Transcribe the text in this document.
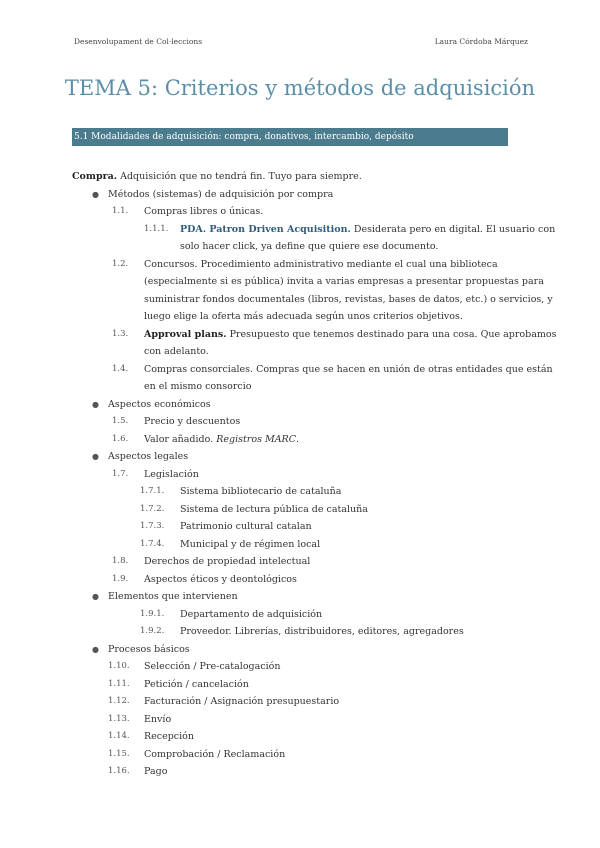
Desenvolupament de Col·leccions	Laura Córdoba Márquez
TEMA 5: Criterios y métodos de adquisición
5.1 Modalidades de adquisición: compra, donativos, intercambio, depósito
Compra. Adquisición que no tendrá fin. Tuyo para siempre.
● Métodos (sistemas) de adquisición por compra
1.1. Compras libres o únicas.
1.1.1. PDA. Patron Driven Acquisition. Desiderata pero en digital. El usuario con
solo hacer click, ya define que quiere ese documento.
1.2. Concursos. Procedimiento administrativo mediante el cual una biblioteca
(especialmente si es pública) invita a varias empresas a presentar propuestas para
suministrar fondos documentales (libros, revistas, bases de datos, etc.) o servicios, y
luego elige la oferta más adecuada según unos criterios objetivos.
1.3. Approval plans. Presupuesto que tenemos destinado para una cosa. Que aprobamos
con adelanto.
1.4. Compras consorciales. Compras que se hacen en unión de otras entidades que están
en el mismo consorcio
● Aspectos económicos
1.5. Precio y descuentos
1.6. Valor añadido. Registros MARC.
● Aspectos legales
1.7. Legislación
1.7.1. Sistema bibliotecario de cataluña
1.7.2. Sistema de lectura pública de cataluña
1.7.3. Patrimonio cultural catalan
1.7.4. Municipal y de régimen local
1.8. Derechos de propiedad intelectual
1.9. Aspectos éticos y deontológicos
● Elementos que intervienen
1.9.1. Departamento de adquisición
1.9.2. Proveedor. Librerías, distribuidores, editores, agregadores
● Procesos básicos
1.10. Selección / Pre-catalogación
1.11. Petición / cancelación
1.12. Facturación / Asignación presupuestario
1.13. Envío
1.14. Recepción
1.15. Comprobación / Reclamación
1.16. Pago
